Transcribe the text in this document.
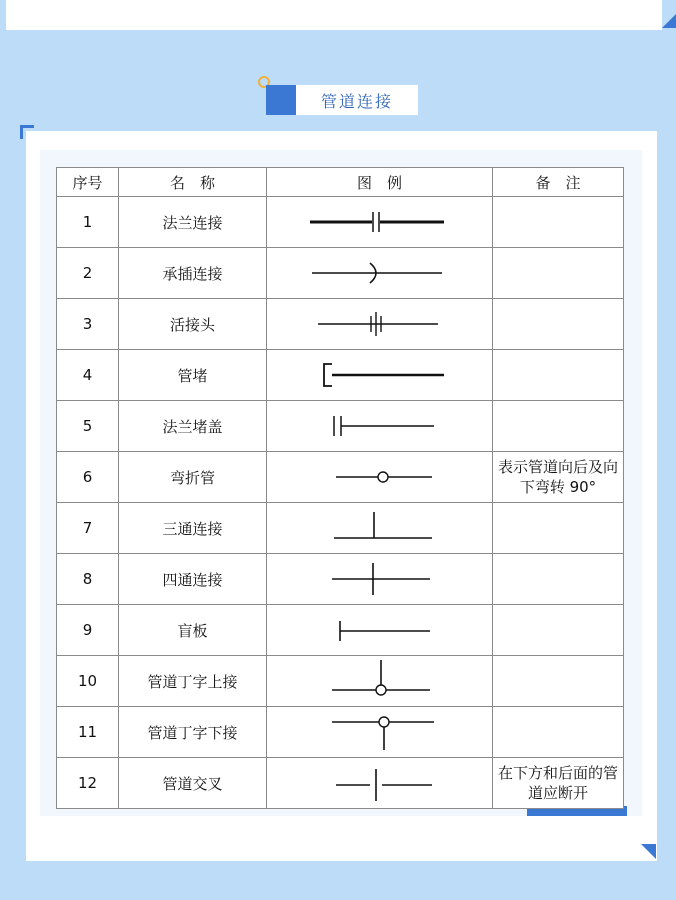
管道连接
序号	名　称	图　例	备　注
1	法兰连接	

2	承插连接	

3	活接头	

4	管堵	

5	法兰堵盖	

6	弯折管		表示管道向后及向下弯转 90°
7	三通连接	

8	四通连接	

9	盲板	

10	管道丁字上接	

11	管道丁字下接	

12	管道交叉		在下方和后面的管道应断开
